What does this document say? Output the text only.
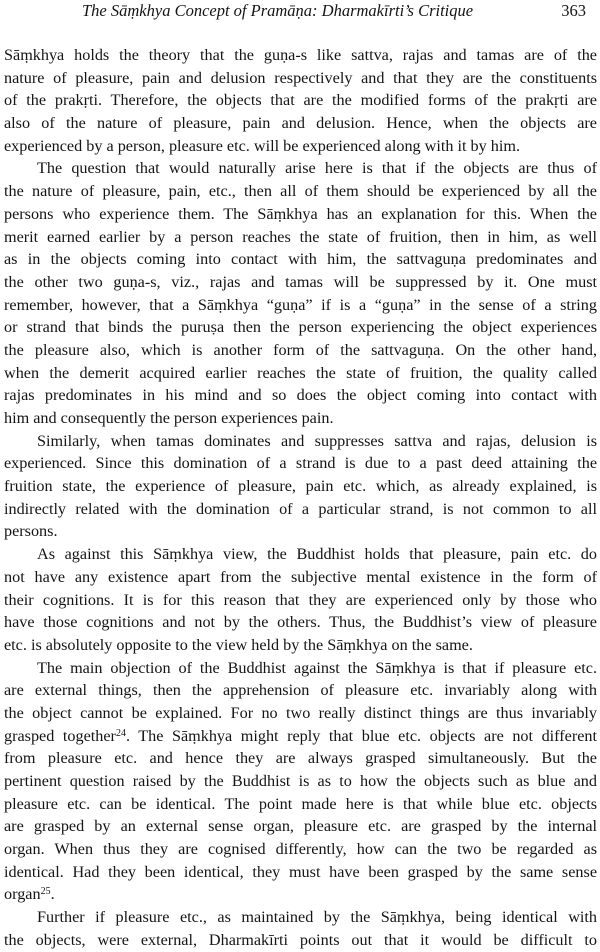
The Sāṃkhya Concept of Pramāṇa: Dharmakīrti’s Critique	363

Sāṃkhya holds the theory that the guṇa-s like sattva, rajas and tamas are of the
nature of pleasure, pain and delusion respectively and that they are the constituents
of the prakṛti. Therefore, the objects that are the modified forms of the prakṛti are
also of the nature of pleasure, pain and delusion. Hence, when the objects are
experienced by a person, pleasure etc. will be experienced along with it by him.

The question that would naturally arise here is that if the objects are thus of
the nature of pleasure, pain, etc., then all of them should be experienced by all the
persons who experience them. The Sāṃkhya has an explanation for this. When the
merit earned earlier by a person reaches the state of fruition, then in him, as well
as in the objects coming into contact with him, the sattvaguṇa predominates and
the other two guṇa-s, viz., rajas and tamas will be suppressed by it. One must
remember, however, that a Sāṃkhya “guṇa” if is a “guṇa” in the sense of a string
or strand that binds the puruṣa then the person experiencing the object experiences
the pleasure also, which is another form of the sattvaguṇa. On the other hand,
when the demerit acquired earlier reaches the state of fruition, the quality called
rajas predominates in his mind and so does the object coming into contact with
him and consequently the person experiences pain.

Similarly, when tamas dominates and suppresses sattva and rajas, delusion is
experienced. Since this domination of a strand is due to a past deed attaining the
fruition state, the experience of pleasure, pain etc. which, as already explained, is
indirectly related with the domination of a particular strand, is not common to all
persons.

As against this Sāṃkhya view, the Buddhist holds that pleasure, pain etc. do
not have any existence apart from the subjective mental existence in the form of
their cognitions. It is for this reason that they are experienced only by those who
have those cognitions and not by the others. Thus, the Buddhist’s view of pleasure
etc. is absolutely opposite to the view held by the Sāṃkhya on the same.

The main objection of the Buddhist against the Sāṃkhya is that if pleasure etc.
are external things, then the apprehension of pleasure etc. invariably along with
the object cannot be explained. For no two really distinct things are thus invariably
grasped together$^{24}$. The Sāṃkhya might reply that blue etc. objects are not different
from pleasure etc. and hence they are always grasped simultaneously. But the
pertinent question raised by the Buddhist is as to how the objects such as blue and
pleasure etc. can be identical. The point made here is that while blue etc. objects
are grasped by an external sense organ, pleasure etc. are grasped by the internal
organ. When thus they are cognised differently, how can the two be regarded as
identical. Had they been identical, they must have been grasped by the same sense
organ$^{25}$.

Further if pleasure etc., as maintained by the Sāṃkhya, being identical with
the objects, were external, Dharmakīrti points out that it would be difficult to
